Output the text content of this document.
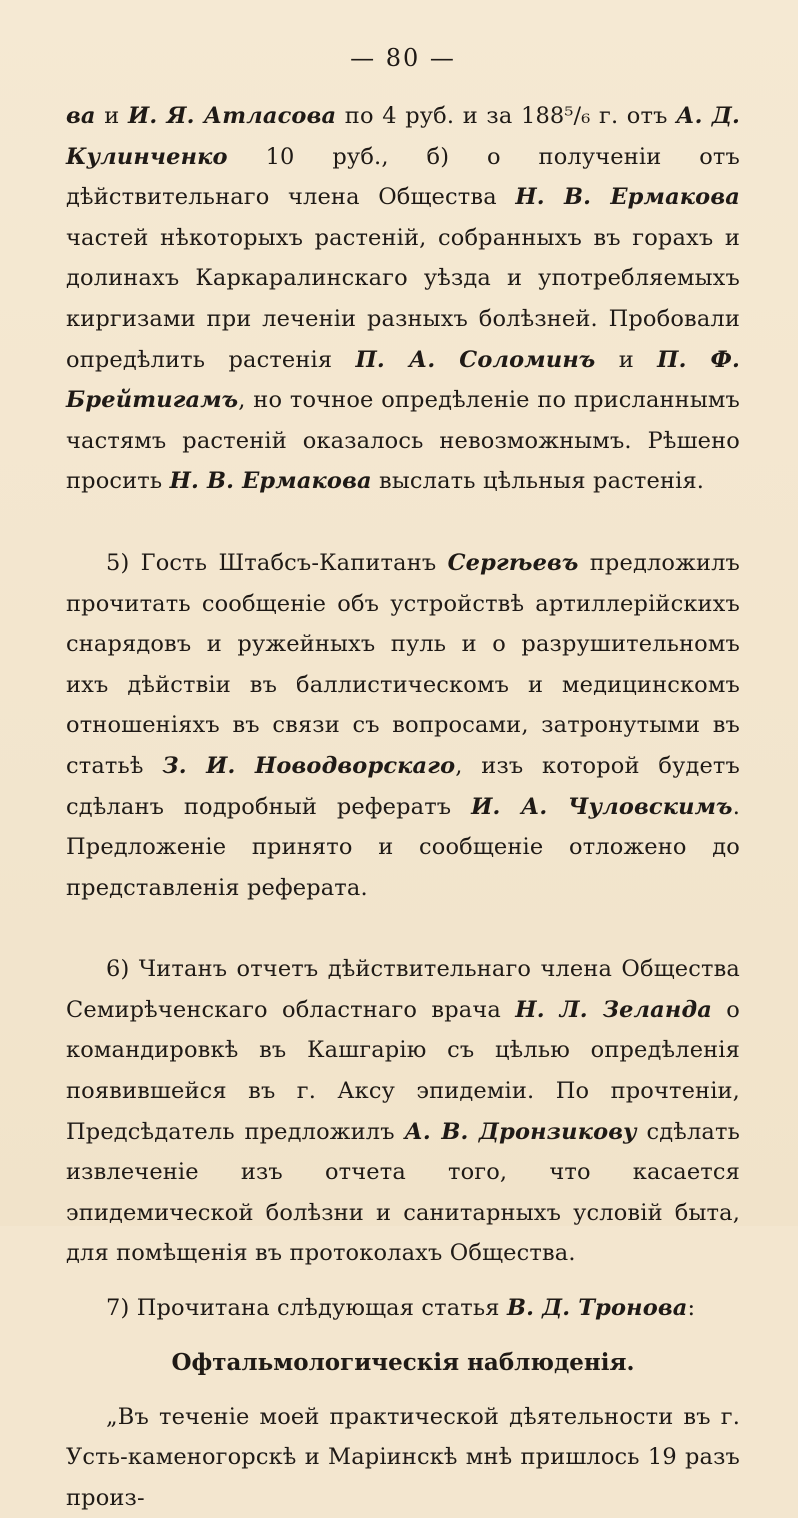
— 80 —

ва и И. Я. Атласова по 4 руб. и за 188⁵/₆ г. отъ А. Д. Кулинченко 10 руб., б) о полученіи отъ дѣйствительнаго члена Общества Н. В. Ермакова частей нѣкоторыхъ растеній, собранныхъ въ горахъ и долинахъ Каркаралинскаго уѣзда и употребляемыхъ киргизами при леченіи разныхъ болѣзней. Пробовали опредѣлить растенія П. А. Соломинъ и П. Ф. Брейтигамъ, но точное опредѣленіе по присланнымъ частямъ растеній оказалось невозможнымъ. Рѣшено просить Н. В. Ермакова выслать цѣльныя растенія.

5) Гость Штабсъ-Капитанъ Сергѣевъ предложилъ прочитать сообщеніе объ устройствѣ артиллерійскихъ снарядовъ и ружейныхъ пуль и о разрушительномъ ихъ дѣйствіи въ баллистическомъ и медицинскомъ отношеніяхъ въ связи съ вопросами, затронутыми въ статьѣ З. И. Новодворскаго, изъ которой будетъ сдѣланъ подробный рефератъ И. А. Чуловскимъ. Предложеніе принято и сообщеніе отложено до представленія реферата.

6) Читанъ отчетъ дѣйствительнаго члена Общества Семирѣченскаго областнаго врача Н. Л. Зеланда о командировкѣ въ Кашгарію съ цѣлью опредѣленія появившейся въ г. Аксу эпидеміи. По прочтеніи, Предсѣдатель предложилъ А. В. Дронзикову сдѣлать извлеченіе изъ отчета того, что касается эпидемической болѣзни и санитарныхъ условій быта, для помѣщенія въ протоколахъ Общества.

7) Прочитана слѣдующая статья В. Д. Тронова:

Офтальмологическія наблюденія.

„Въ теченіе моей практической дѣятельности въ г. Усть-каменогорскѣ и Маріинскѣ мнѣ пришлось 19 разъ произ-
